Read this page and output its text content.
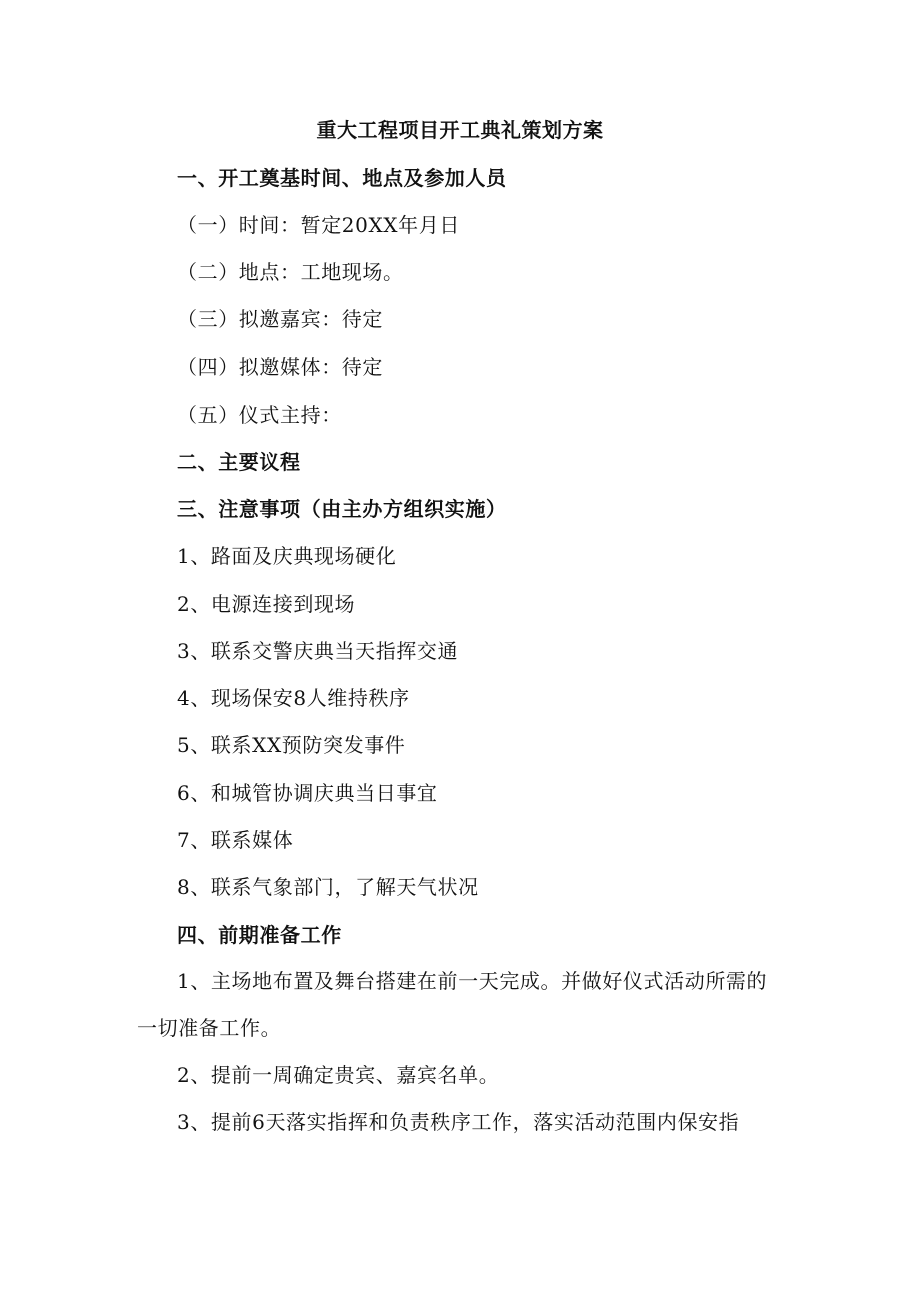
重大工程项目开工典礼策划方案
一、开工奠基时间、地点及参加人员
（一）时间：暂定20XX年月日
（二）地点：工地现场。
（三）拟邀嘉宾：待定
（四）拟邀媒体：待定
（五）仪式主持：
二、主要议程
三、注意事项（由主办方组织实施）
1、路面及庆典现场硬化
2、电源连接到现场
3、联系交警庆典当天指挥交通
4、现场保安8人维持秩序
5、联系XX预防突发事件
6、和城管协调庆典当日事宜
7、联系媒体
8、联系气象部门，了解天气状况
四、前期准备工作
1、主场地布置及舞台搭建在前一天完成。并做好仪式活动所需的一切准备工作。
2、提前一周确定贵宾、嘉宾名单。
3、提前6天落实指挥和负责秩序工作，落实活动范围内保安指
